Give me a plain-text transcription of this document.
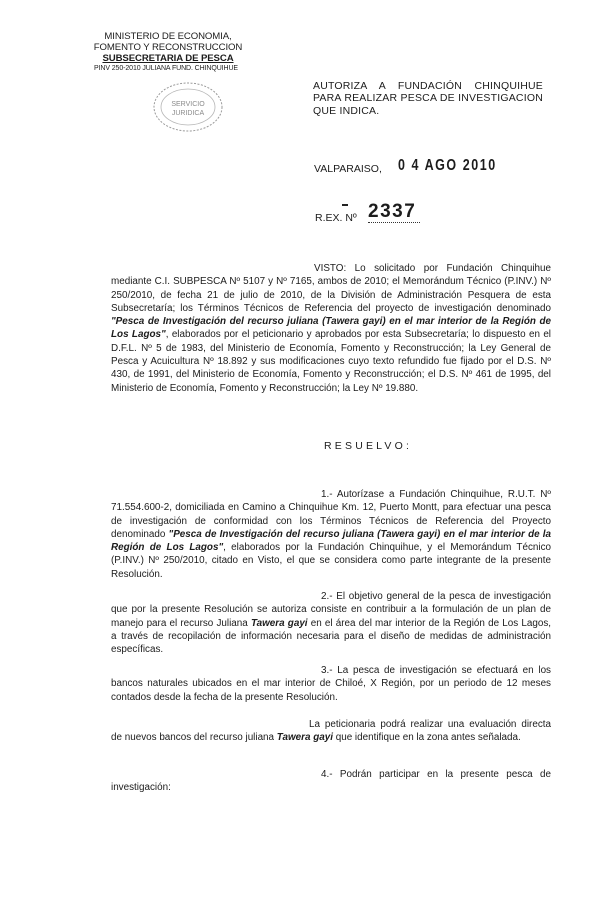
MINISTERIO DE ECONOMIA,
FOMENTO Y RECONSTRUCCION
SUBSECRETARIA DE PESCA
PINV 250-2010 JULIANA FUND. CHINQUIHUE
SERVICIO
JURIDICA
AUTORIZA A FUNDACIÓN CHINQUIHUE PARA REALIZAR PESCA DE INVESTIGACION QUE INDICA.
VALPARAISO, 0 4 AGO 2010
R.EX. Nº 2337

VISTO: Lo solicitado por Fundación Chinquihue mediante C.I. SUBPESCA Nº 5107 y Nº 7165, ambos de 2010; el Memorándum Técnico (P.INV.) Nº 250/2010, de fecha 21 de julio de 2010, de la División de Administración Pesquera de esta Subsecretaría; los Términos Técnicos de Referencia del proyecto de investigación denominado "Pesca de Investigación del recurso juliana (Tawera gayi) en el mar interior de la Región de Los Lagos", elaborados por el peticionario y aprobados por esta Subsecretaría; lo dispuesto en el D.F.L. Nº 5 de 1983, del Ministerio de Economía, Fomento y Reconstrucción; la Ley General de Pesca y Acuicultura Nº 18.892 y sus modificaciones cuyo texto refundido fue fijado por el D.S. Nº 430, de 1991, del Ministerio de Economía, Fomento y Reconstrucción; el D.S. Nº 461 de 1995, del Ministerio de Economía, Fomento y Reconstrucción; la Ley Nº 19.880.

RESUELVO:

1.- Autorízase a Fundación Chinquihue, R.U.T. Nº 71.554.600-2, domiciliada en Camino a Chinquihue Km. 12, Puerto Montt, para efectuar una pesca de investigación de conformidad con los Términos Técnicos de Referencia del Proyecto denominado "Pesca de Investigación del recurso juliana (Tawera gayi) en el mar interior de la Región de Los Lagos", elaborados por la Fundación Chinquihue, y el Memorándum Técnico (P.INV.) Nº 250/2010, citado en Visto, el que se considera como parte integrante de la presente Resolución.

2.- El objetivo general de la pesca de investigación que por la presente Resolución se autoriza consiste en contribuir a la formulación de un plan de manejo para el recurso Juliana Tawera gayi en el área del mar interior de la Región de Los Lagos, a través de recopilación de información necesaria para el diseño de medidas de administración específicas.

3.- La pesca de investigación se efectuará en los bancos naturales ubicados en el mar interior de Chiloé, X Región, por un periodo de 12 meses contados desde la fecha de la presente Resolución.

La peticionaria podrá realizar una evaluación directa de nuevos bancos del recurso juliana Tawera gayi que identifique en la zona antes señalada.

4.- Podrán participar en la presente pesca de investigación:
